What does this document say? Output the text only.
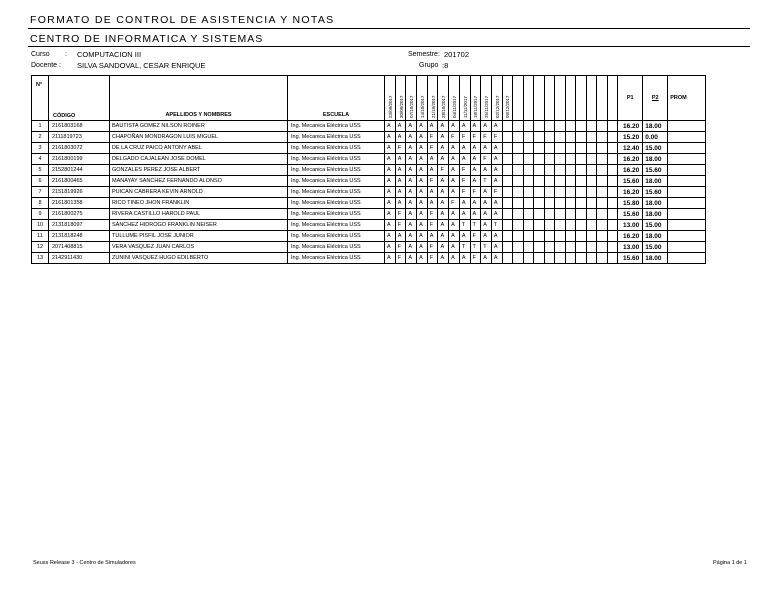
FORMATO DE CONTROL DE ASISTENCIA Y NOTAS
CENTRO DE INFORMATICA Y SISTEMAS
Curso : COMPUTACION III
Docente : SILVA SANDOVAL, CESAR ENRIQUE
Semestre: 201702
Grupo :8
N°	CÓDIGO	APELLIDOS Y NOMBRES	ESCUELA	23/09/2017	30/09/2017	07/10/2017	14/10/2017	21/10/2017	28/10/2017	04/11/2017	11/11/2017	18/11/2017	25/11/2017	02/12/2017	09/12/2017											P1	P2	PROM
1	2161803168	BAUTISTA GOMEZ NILSON ROINER	Ing. Mecanica Eléctrica USS	A	A	A	A	A	A	A	A	A	A	A												16.20	18.00	
2	2111819723	CHAPOÑAN MONDRAGON LUIS MIGUEL	Ing. Mecanica Eléctrica USS	A	A	A	A	F	A	F	F	F	F	F												15.20	0.00	
3	2161803072	DE LA CRUZ PAICO ANTONY ABEL	Ing. Mecanica Eléctrica USS	A	F	A	A	F	A	A	A	A	A	A												12.40	15.00	
4	2161800199	DELGADO CAJALEAN JOSE DOMEL	Ing. Mecanica Eléctrica USS	A	A	A	A	A	A	A	A	A	F	A												16.20	18.00	
5	2152801244	GONZALES PEREZ JOSE ALBERT	Ing. Mecanica Eléctrica USS	A	A	A	A	A	F	A	F	A	A	A												16.20	15.60	
6	2161800465	MANAYAY SANCHEZ FERNANDO ALONSO	Ing. Mecanica Eléctrica USS	A	A	A	A	F	A	A	F	A	T	A												15.60	18.00	
7	2151819926	PUICAN CABRERA KEVIN ARNOLD	Ing. Mecanica Eléctrica USS	A	A	A	A	A	A	A	F	F	A	F												16.20	15.60	
8	2161801358	RICO TINEO JHON FRANKLIN	Ing. Mecanica Eléctrica USS	A	A	A	A	A	A	F	A	A	A	A												15.80	18.00	
9	2161800275	RIVERA CASTILLO HAROLD PAUL	Ing. Mecanica Eléctrica USS	A	F	A	A	F	A	A	A	A	A	A												15.60	18.00	
10	2131818097	SÁNCHEZ HIDROGO FRANKLIN NEISER	Ing. Mecanica Eléctrica USS	A	F	A	A	F	A	A	T	T	A	T												13.00	15.00	
11	2131818248	TULLUME PISFIL JOSÉ JUNIOR	Ing. Mecanica Eléctrica USS	A	A	A	A	A	A	A	A	F	A	A												16.20	18.00	
12	2071408815	VERA VASQUEZ JUAN CARLOS	Ing. Mecanica Eléctrica USS	A	F	A	A	F	A	A	T	T	T	A												13.00	15.00	
13	2142911430	ZUNINI VASQUEZ HUGO EDILBERTO	Ing. Mecanica Eléctrica USS	A	F	A	A	F	A	A	A	F	A	A												15.60	18.00	
Seuss Release 3 - Centro de Simuladores	Página 1 de 1
